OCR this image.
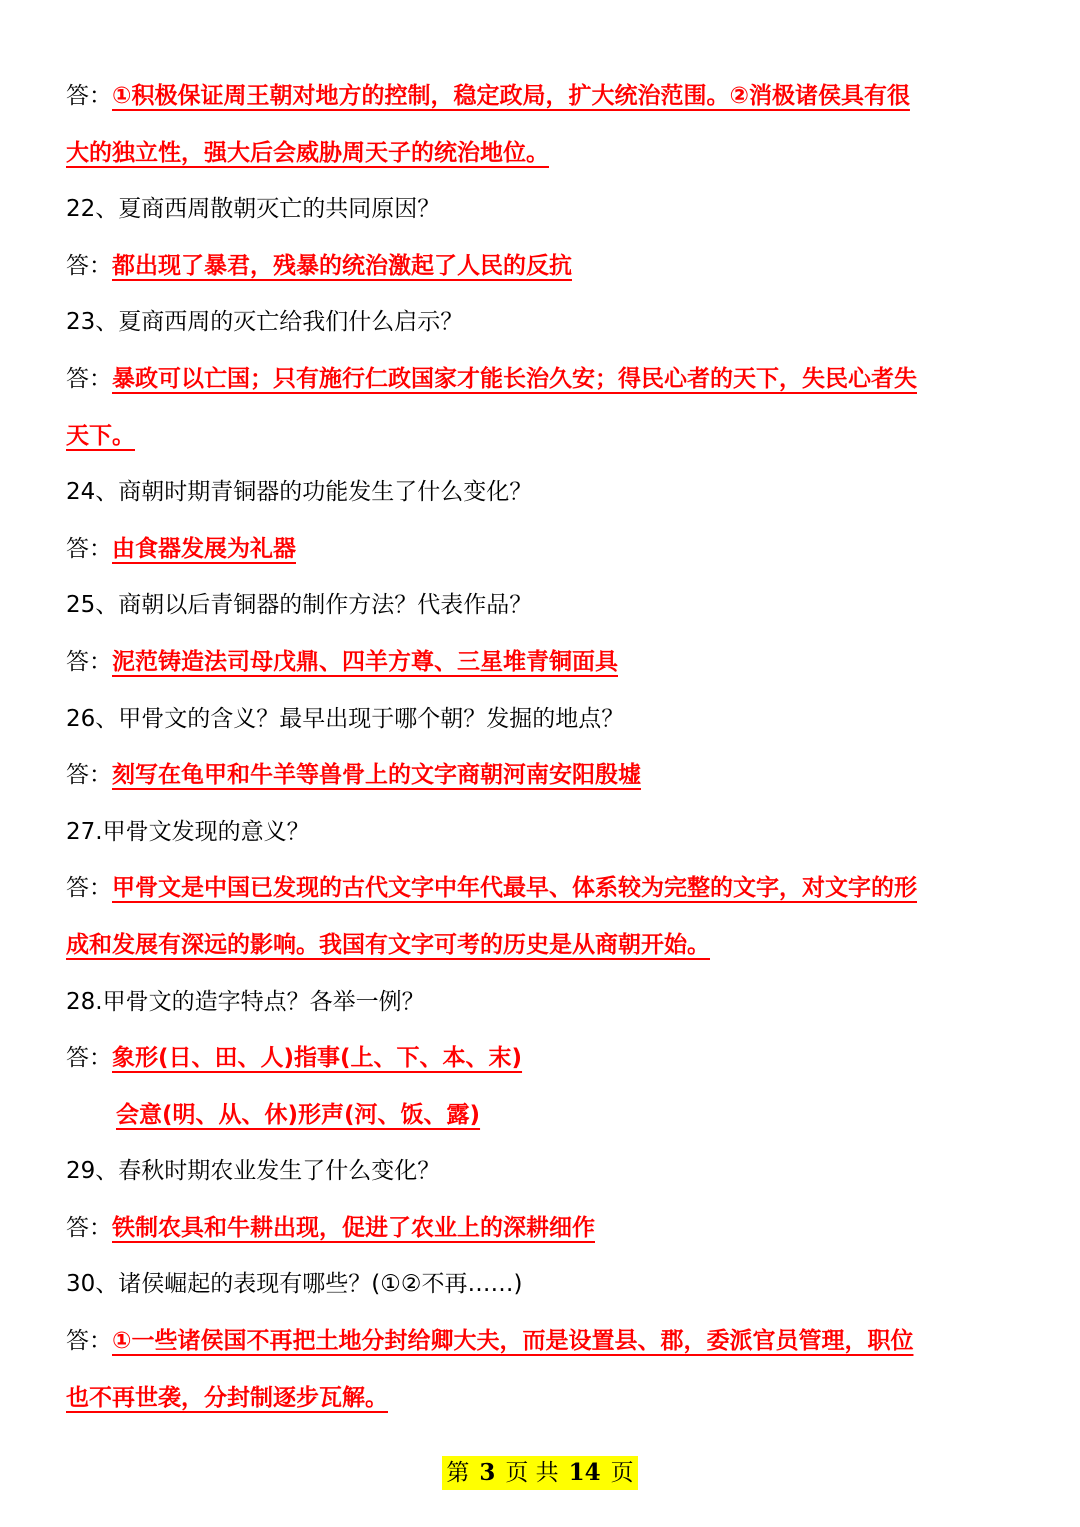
答：①积极保证周王朝对地方的控制，稳定政局，扩大统治范围。②消极诸侯具有很
大的独立性，强大后会威胁周天子的统治地位。
22、夏商西周散朝灭亡的共同原因？
答：都出现了暴君，残暴的统治激起了人民的反抗
23、夏商西周的灭亡给我们什么启示？
答：暴政可以亡国；只有施行仁政国家才能长治久安；得民心者的天下，失民心者失
天下。
24、商朝时期青铜器的功能发生了什么变化？
答：由食器发展为礼器
25、商朝以后青铜器的制作方法？代表作品？
答：泥范铸造法司母戊鼎、四羊方尊、三星堆青铜面具
26、甲骨文的含义？最早出现于哪个朝？发掘的地点？
答：刻写在龟甲和牛羊等兽骨上的文字商朝河南安阳殷墟
27.甲骨文发现的意义？
答：甲骨文是中国已发现的古代文字中年代最早、体系较为完整的文字，对文字的形
成和发展有深远的影响。我国有文字可考的历史是从商朝开始。
28.甲骨文的造字特点？各举一例？
答：象形(日、田、人)指事(上、下、本、末)
会意(明、从、休)形声(河、饭、露)
29、春秋时期农业发生了什么变化？
答：铁制农具和牛耕出现，促进了农业上的深耕细作
30、诸侯崛起的表现有哪些？(①②不再……)
答：①一些诸侯国不再把土地分封给卿大夫，而是设置县、郡，委派官员管理，职位
也不再世袭，分封制逐步瓦解。
第 3 页 共 14 页
